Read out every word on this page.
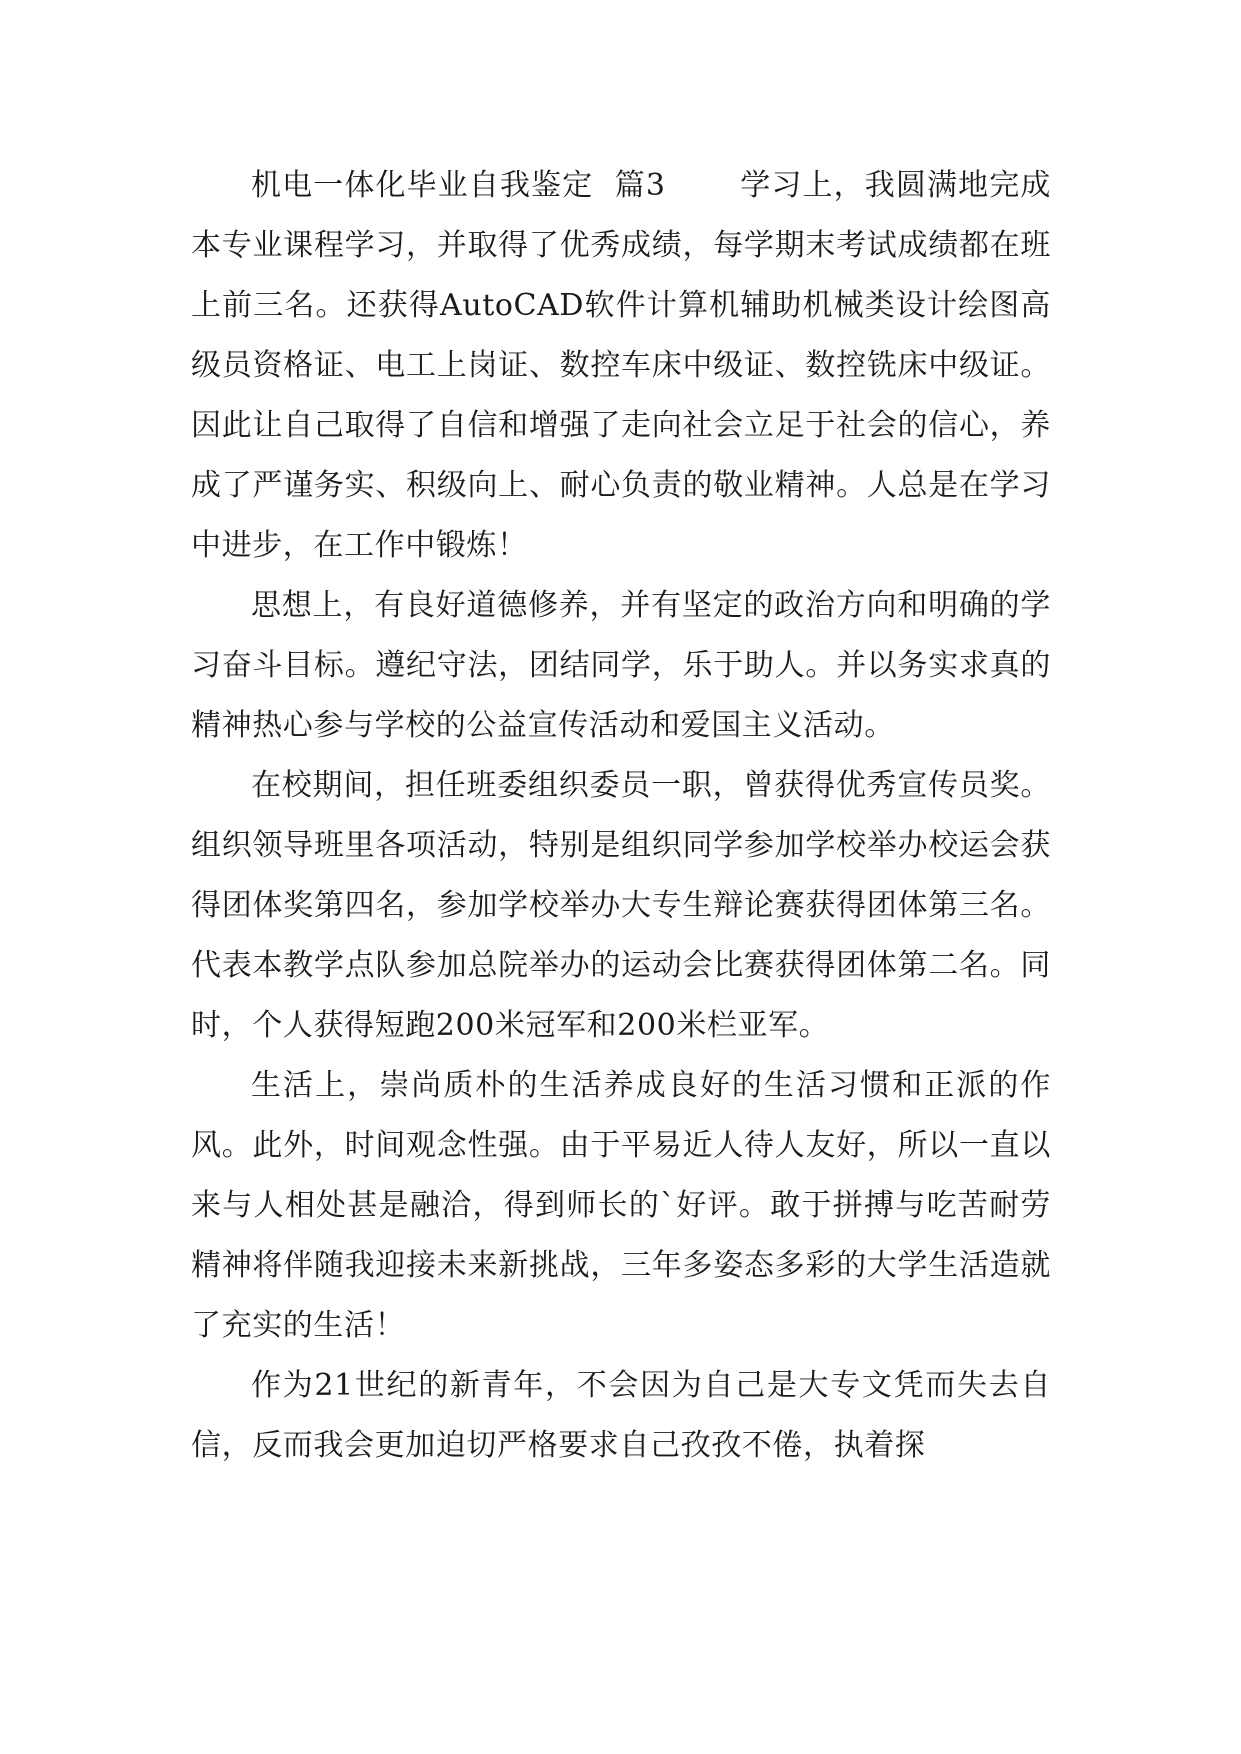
机电一体化毕业自我鉴定  篇3 学习上，我圆满地完成本专业课程学习，并取得了优秀成绩，每学期末考试成绩都在班上前三名。还获得AutoCAD软件计算机辅助机械类设计绘图高级员资格证、电工上岗证、数控车床中级证、数控铣床中级证。因此让自己取得了自信和增强了走向社会立足于社会的信心，养成了严谨务实、积级向上、耐心负责的敬业精神。人总是在学习中进步，在工作中锻炼！

思想上，有良好道德修养，并有坚定的政治方向和明确的学习奋斗目标。遵纪守法，团结同学，乐于助人。并以务实求真的精神热心参与学校的公益宣传活动和爱国主义活动。

在校期间，担任班委组织委员一职，曾获得优秀宣传员奖。组织领导班里各项活动，特别是组织同学参加学校举办校运会获得团体奖第四名，参加学校举办大专生辩论赛获得团体第三名。代表本教学点队参加总院举办的运动会比赛获得团体第二名。同时，个人获得短跑200米冠军和200米栏亚军。

生活上，崇尚质朴的生活养成良好的生活习惯和正派的作风。此外，时间观念性强。由于平易近人待人友好，所以一直以来与人相处甚是融洽，得到师长的`好评。敢于拼搏与吃苦耐劳精神将伴随我迎接未来新挑战，三年多姿态多彩的大学生活造就了充实的生活！

作为21世纪的新青年，不会因为自己是大专文凭而失去自信，反而我会更加迫切严格要求自己孜孜不倦，执着探
